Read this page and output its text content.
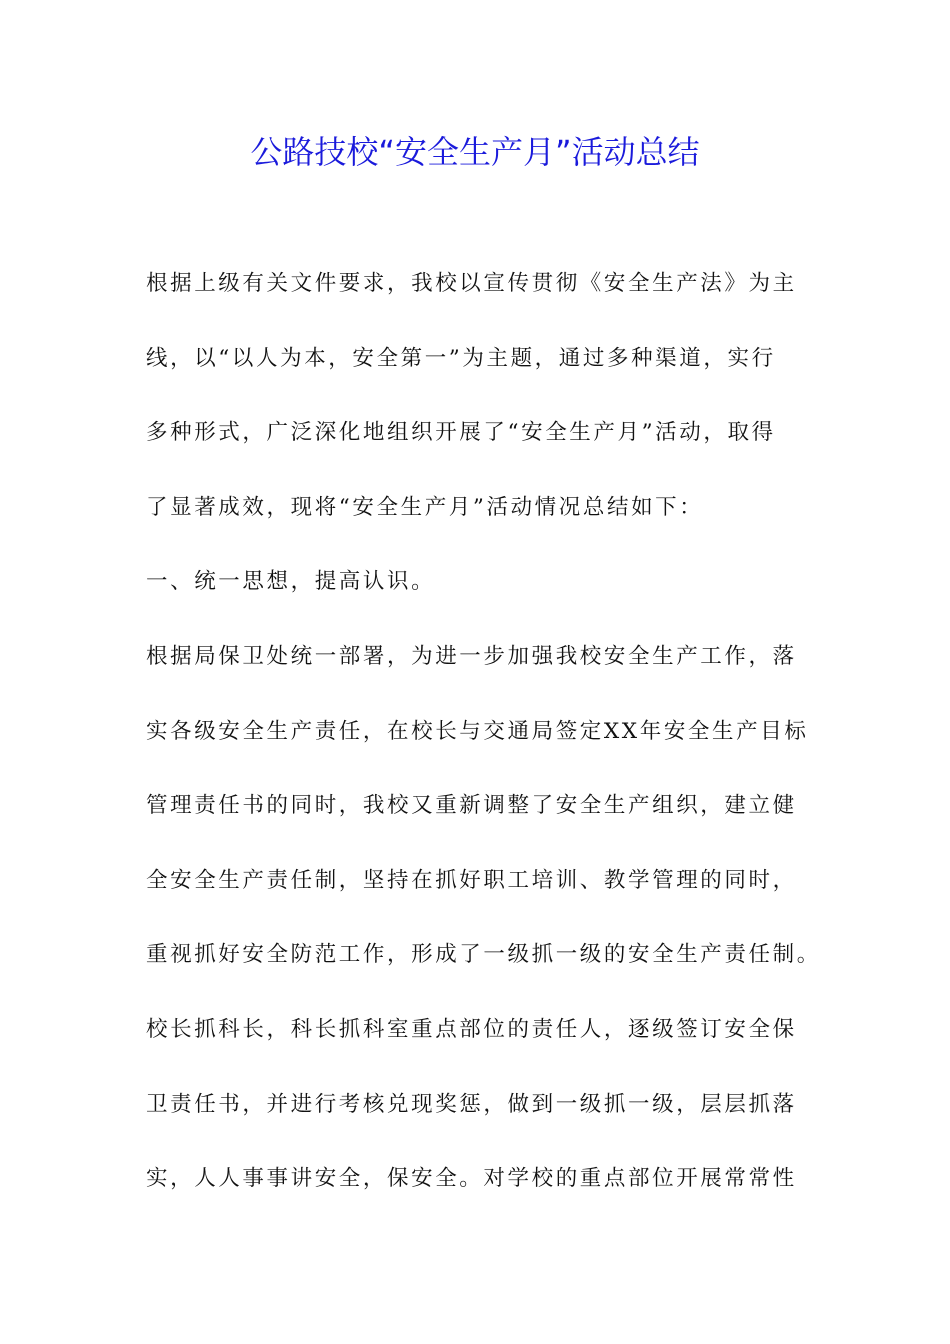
公路技校“安全生产月”活动总结
根据上级有关文件要求，我校以宣传贯彻《安全生产法》为主
线，以“以人为本，安全第一”为主题，通过多种渠道，实行
多种形式，广泛深化地组织开展了“安全生产月”活动，取得
了显著成效，现将“安全生产月”活动情况总结如下：
一、统一思想，提高认识。
根据局保卫处统一部署，为进一步加强我校安全生产工作，落
实各级安全生产责任，在校长与交通局签定XX年安全生产目标
管理责任书的同时，我校又重新调整了安全生产组织，建立健
全安全生产责任制，坚持在抓好职工培训、教学管理的同时，
重视抓好安全防范工作，形成了一级抓一级的安全生产责任制。
校长抓科长，科长抓科室重点部位的责任人，逐级签订安全保
卫责任书，并进行考核兑现奖惩，做到一级抓一级，层层抓落
实，人人事事讲安全，保安全。对学校的重点部位开展常常性
